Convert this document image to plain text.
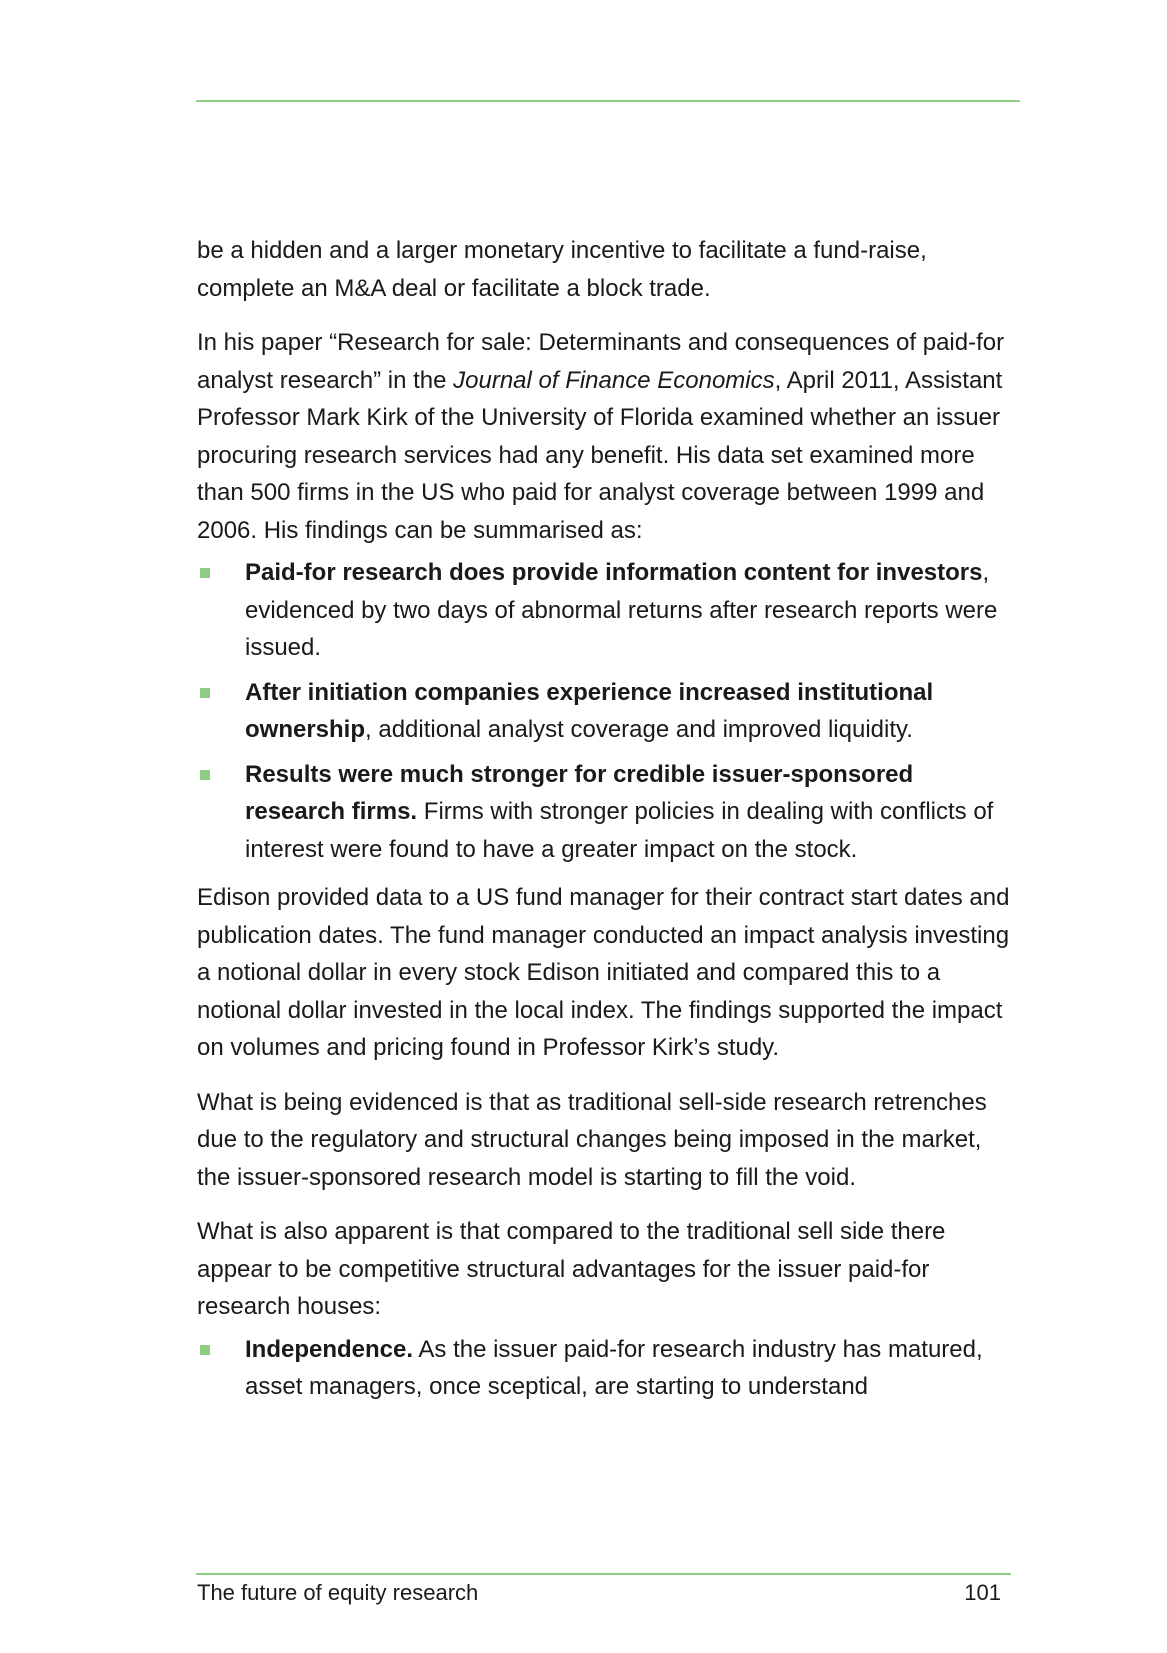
be a hidden and a larger monetary incentive to facilitate a fund-raise, complete an M&A deal or facilitate a block trade.

In his paper “Research for sale: Determinants and consequences of paid-for analyst research” in the Journal of Finance Economics, April 2011, Assistant Professor Mark Kirk of the University of Florida examined whether an issuer procuring research services had any benefit. His data set examined more than 500 firms in the US who paid for analyst coverage between 1999 and 2006. His findings can be summarised as:

Paid-for research does provide information content for investors, evidenced by two days of abnormal returns after research reports were issued.
After initiation companies experience increased institutional ownership, additional analyst coverage and improved liquidity.
Results were much stronger for credible issuer-sponsored research firms. Firms with stronger policies in dealing with conflicts of interest were found to have a greater impact on the stock.

Edison provided data to a US fund manager for their contract start dates and publication dates. The fund manager conducted an impact analysis investing a notional dollar in every stock Edison initiated and compared this to a notional dollar invested in the local index. The findings supported the impact on volumes and pricing found in Professor Kirk’s study.

What is being evidenced is that as traditional sell-side research retrenches due to the regulatory and structural changes being imposed in the market, the issuer-sponsored research model is starting to fill the void.

What is also apparent is that compared to the traditional sell side there appear to be competitive structural advantages for the issuer paid-for research houses:

Independence. As the issuer paid-for research industry has matured, asset managers, once sceptical, are starting to understand
The future of equity research	101
